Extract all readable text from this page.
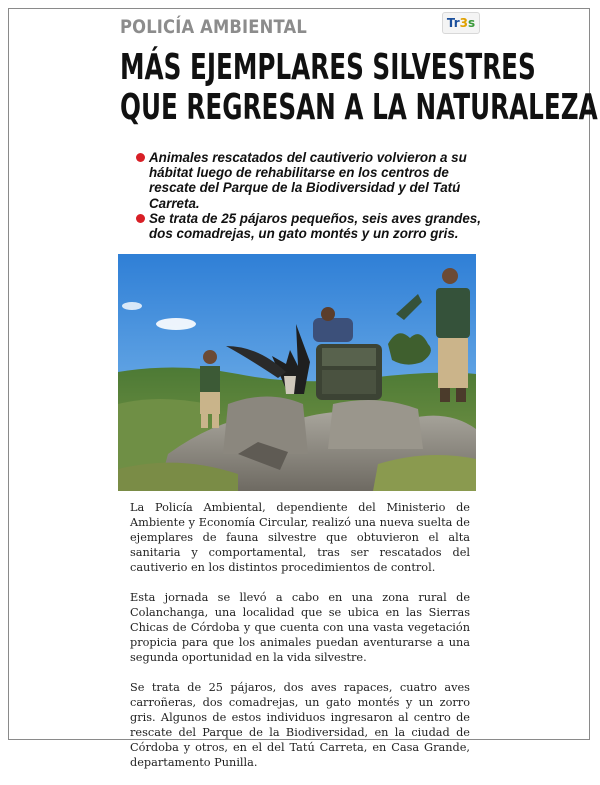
POLICÍA AMBIENTAL	Tr 3 s
MÁS EJEMPLARES SILVESTRES
QUE REGRESAN A LA NATURALEZA
Animales rescatados del cautiverio volvieron a su hábitat luego de rehabilitarse en los centros de rescate del Parque de la Biodiversidad y del Tatú Carreta.
Se trata de 25 pájaros pequeños, seis aves grandes, dos comadrejas, un gato montés y un zorro gris.

La Policía Ambiental, dependiente del Ministerio de Ambiente y Economía Circular, realizó una nueva suelta de ejemplares de fauna silvestre que obtuvieron el alta sanitaria y comportamental, tras ser rescatados del cautiverio en los distintos procedimientos de control.

Esta jornada se llevó a cabo en una zona rural de Colanchanga, una localidad que se ubica en las Sierras Chicas de Córdoba y que cuenta con una vasta vegetación propicia para que los animales puedan aventurarse a una segunda oportunidad en la vida silvestre.

Se trata de 25 pájaros, dos aves rapaces, cuatro aves carroñeras, dos comadrejas, un gato montés y un zorro gris. Algunos de estos individuos ingresaron al centro de rescate del Parque de la Biodiversidad, en la ciudad de Córdoba y otros, en el del Tatú Carreta, en Casa Grande, departamento Punilla.
